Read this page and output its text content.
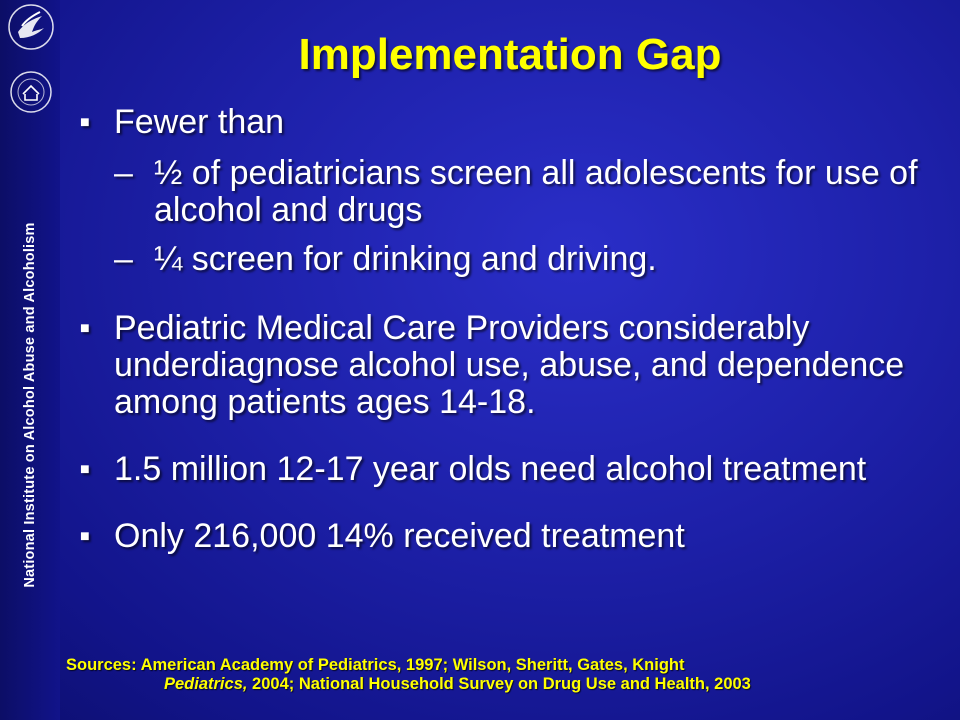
National Institute on Alcohol Abuse and Alcoholism
Implementation Gap
■ Fewer than
– ½ of pediatricians screen all adolescents for use of alcohol and drugs
– ¼ screen for drinking and driving.
■ Pediatric Medical Care Providers considerably underdiagnose alcohol use, abuse, and dependence among patients ages 14-18.
■ 1.5 million 12-17 year olds need alcohol treatment
■ Only 216,000 14% received treatment
Sources: American Academy of Pediatrics, 1997; Wilson, Sheritt, Gates, Knight
Pediatrics, 2004; National Household Survey on Drug Use and Health, 2003
